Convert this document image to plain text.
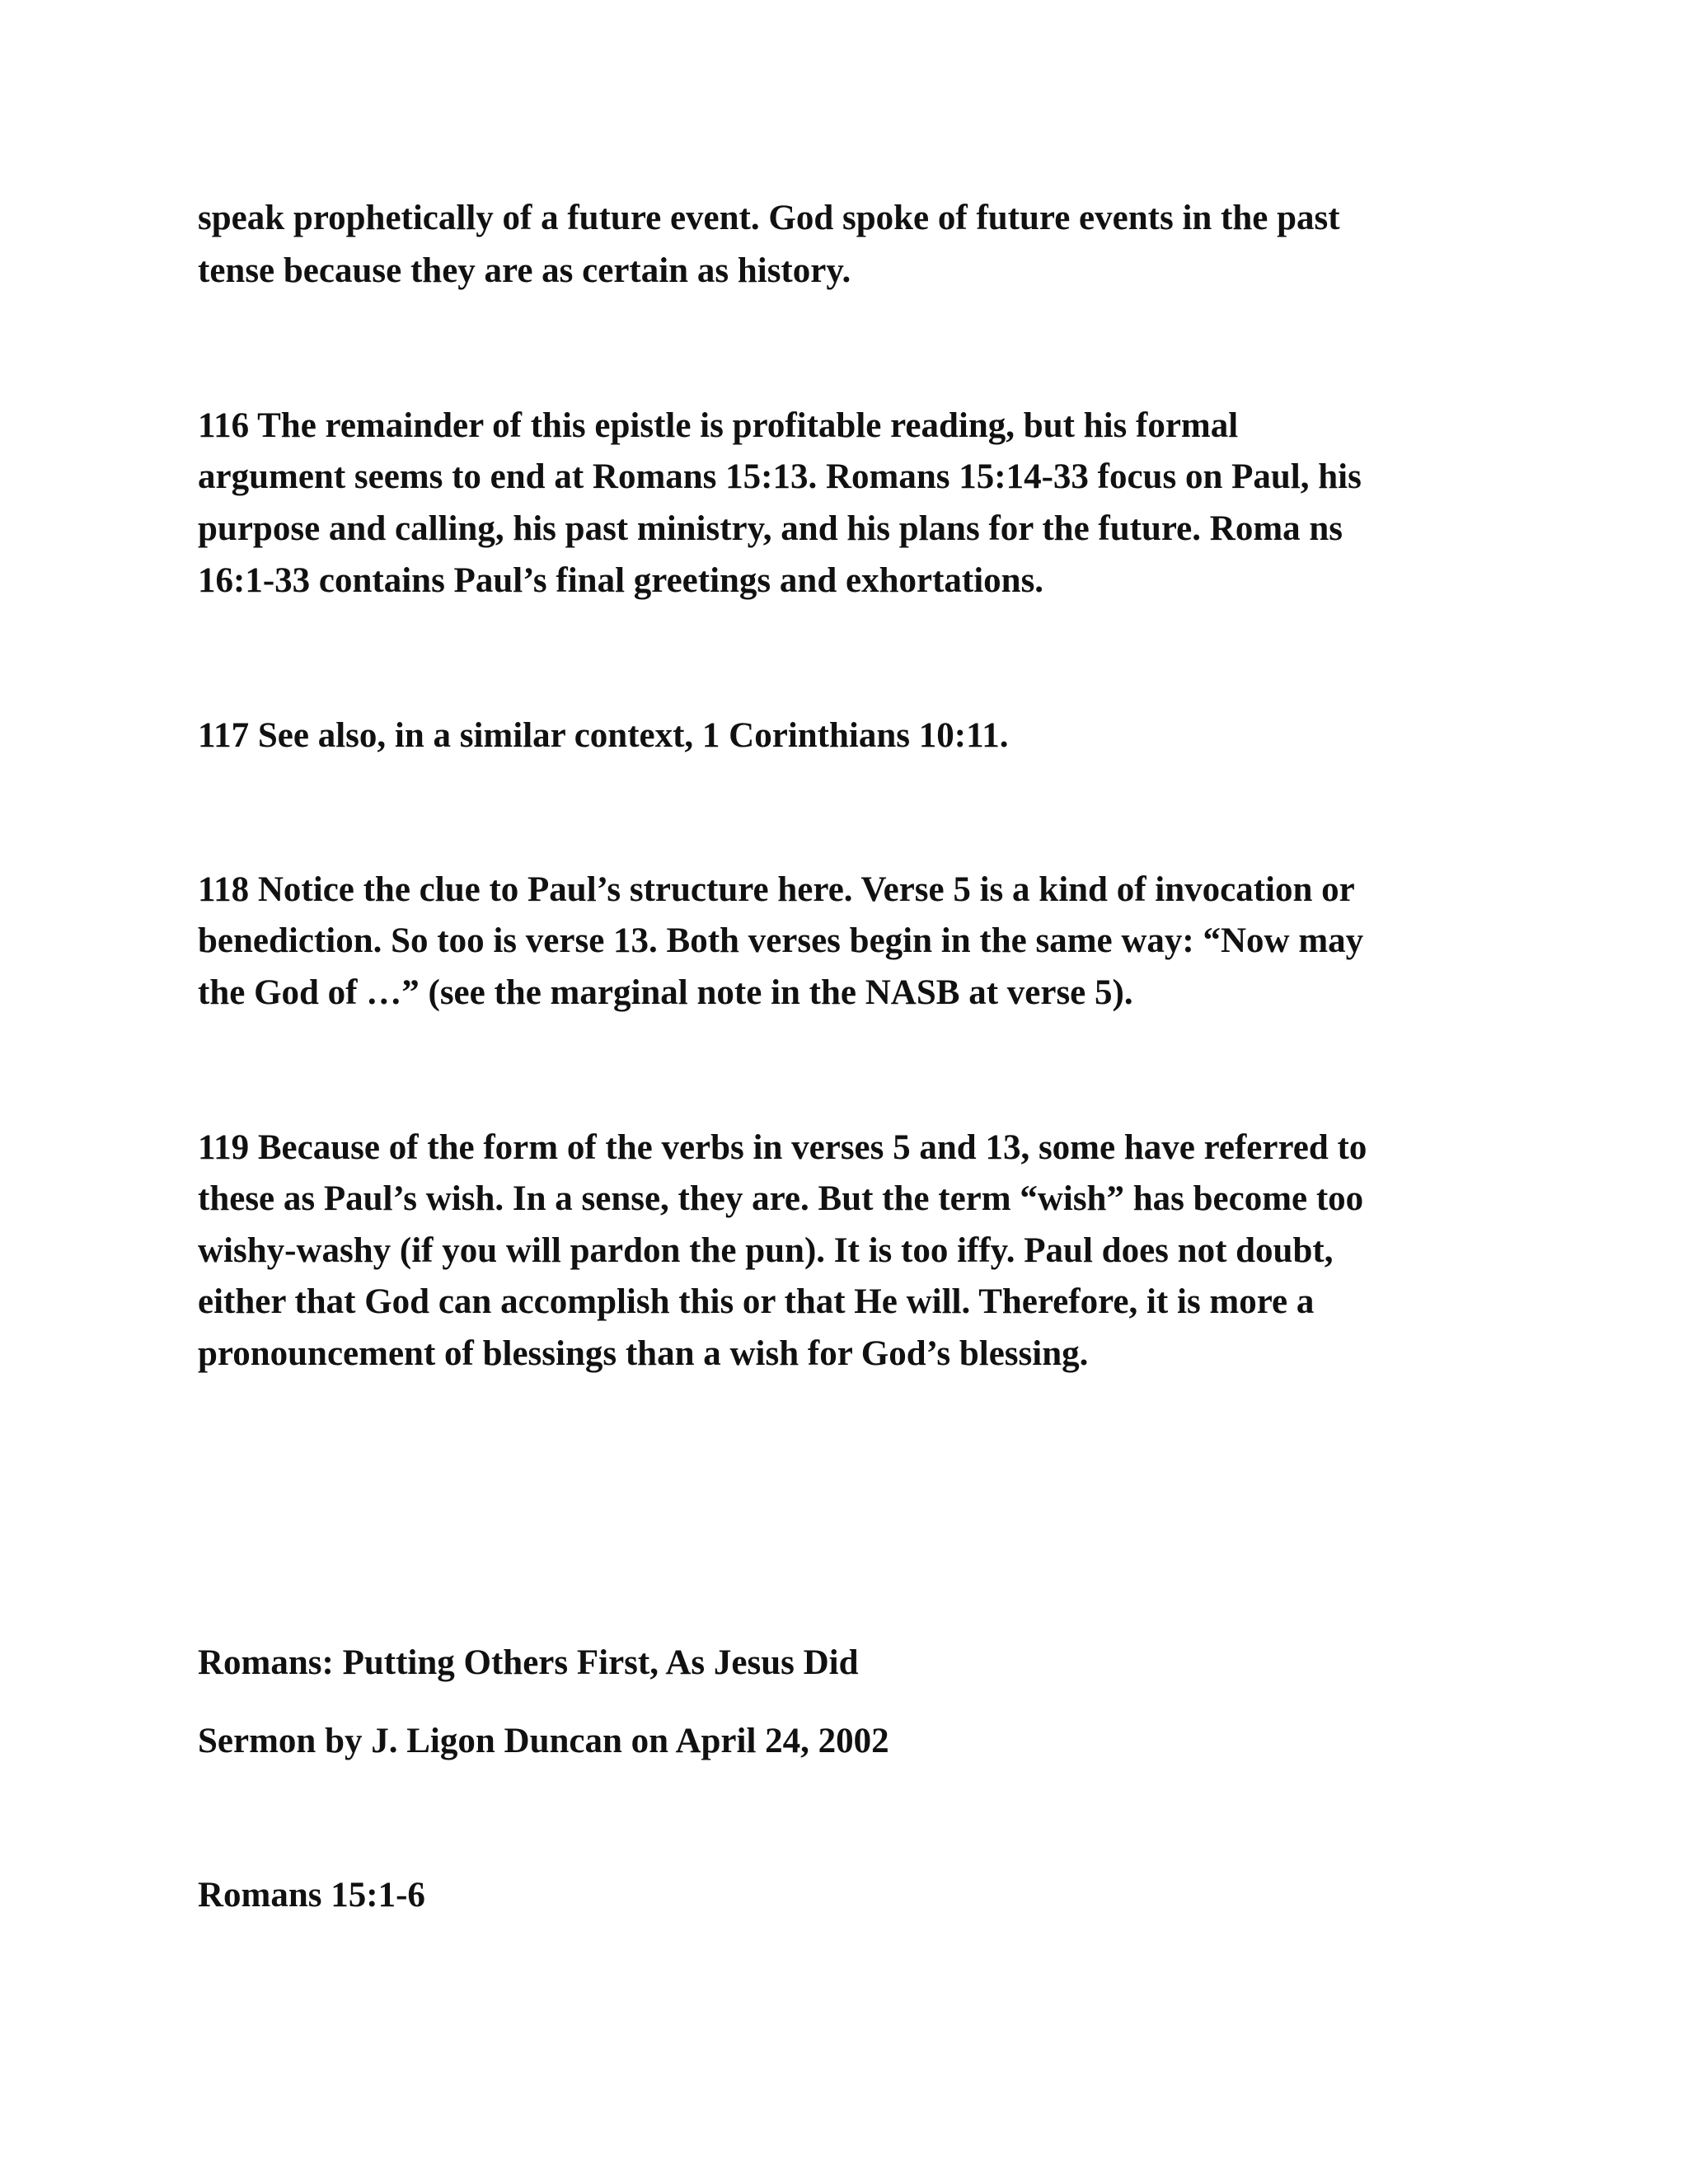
speak prophetically of a future event. God spoke of future events in the past

tense because they are as certain as history.

116 The remainder of this epistle is profitable reading, but his formal

argument seems to end at Romans 15:13. Romans 15:14-33 focus on Paul, his

purpose and calling, his past ministry, and his plans for the future. Roma ns

16:1-33 contains Paul’s final greetings and exhortations.

117 See also, in a similar context, 1 Corinthians 10:11.

118 Notice the clue to Paul’s structure here. Verse 5 is a kind of invocation or

benediction. So too is verse 13. Both verses begin in the same way: “Now may

the God of …” (see the marginal note in the NASB at verse 5).

119 Because of the form of the verbs in verses 5 and 13, some have referred to

these as Paul’s wish. In a sense, they are. But the term “wish” has become too

wishy-washy (if you will pardon the pun). It is too iffy. Paul does not doubt,

either that God can accomplish this or that He will. Therefore, it is more a

pronouncement of blessings than a wish for God’s blessing.

Romans: Putting Others First, As Jesus Did

Sermon by J. Ligon Duncan on April 24, 2002

Romans 15:1-6
